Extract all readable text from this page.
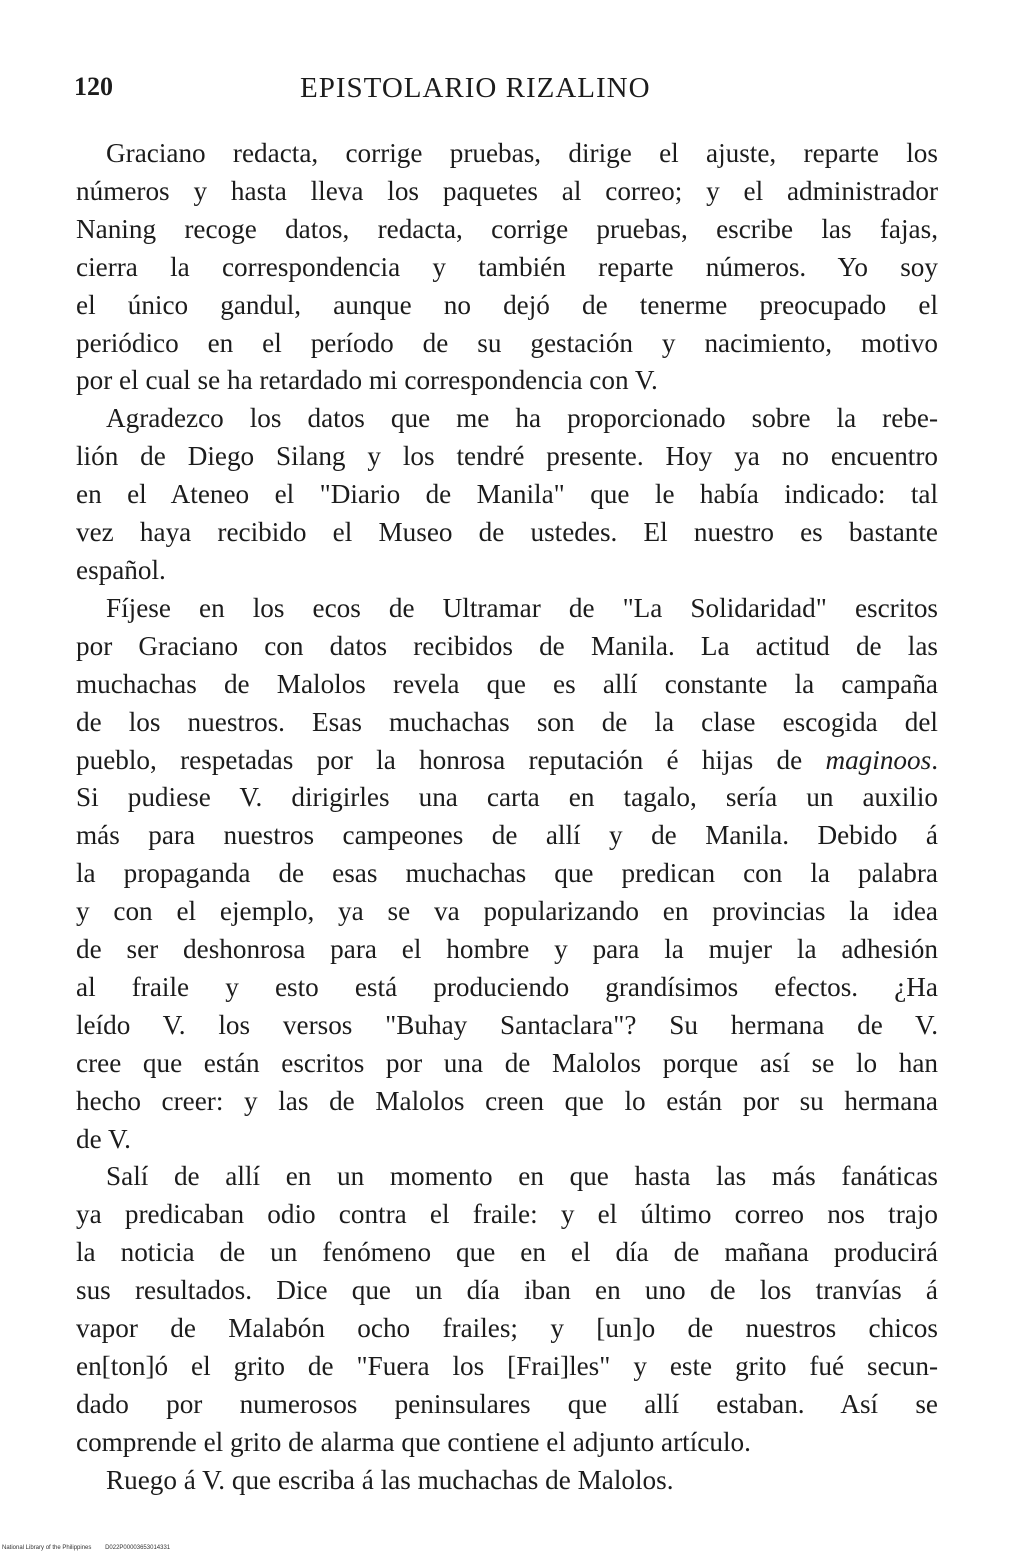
120	EPISTOLARIO RIZALINO

Graciano redacta, corrige pruebas, dirige el ajuste, reparte los
números y hasta lleva los paquetes al correo; y el administrador
Naning recoge datos, redacta, corrige pruebas, escribe las fajas,
cierra la correspondencia y también reparte números. Yo soy
el único gandul, aunque no dejó de tenerme preocupado el
periódico en el período de su gestación y nacimiento, motivo
por el cual se ha retardado mi correspondencia con V.

Agradezco los datos que me ha proporcionado sobre la rebe-
lión de Diego Silang y los tendré presente. Hoy ya no encuentro
en el Ateneo el "Diario de Manila" que le había indicado: tal
vez haya recibido el Museo de ustedes. El nuestro es bastante
español.

Fíjese en los ecos de Ultramar de "La Solidaridad" escritos
por Graciano con datos recibidos de Manila. La actitud de las
muchachas de Malolos revela que es allí constante la campaña
de los nuestros. Esas muchachas son de la clase escogida del
pueblo, respetadas por la honrosa reputación é hijas de maginoos.
Si pudiese V. dirigirles una carta en tagalo, sería un auxilio
más para nuestros campeones de allí y de Manila. Debido á
la propaganda de esas muchachas que predican con la palabra
y con el ejemplo, ya se va popularizando en provincias la idea
de ser deshonrosa para el hombre y para la mujer la adhesión
al fraile y esto está produciendo grandísimos efectos. ¿Ha
leído V. los versos "Buhay Santaclara"? Su hermana de V.
cree que están escritos por una de Malolos porque así se lo han
hecho creer: y las de Malolos creen que lo están por su hermana
de V.

Salí de allí en un momento en que hasta las más fanáticas
ya predicaban odio contra el fraile: y el último correo nos trajo
la noticia de un fenómeno que en el día de mañana producirá
sus resultados. Dice que un día iban en uno de los tranvías á
vapor de Malabón ocho frailes; y [un]o de nuestros chicos
en[ton]ó el grito de "Fuera los [Frai]les" y este grito fué secun-
dado por numerosos peninsulares que allí estaban. Así se
comprende el grito de alarma que contiene el adjunto artículo.

Ruego á V. que escriba á las muchachas de Malolos.

National Library of the Philippines D022P00003653014331
